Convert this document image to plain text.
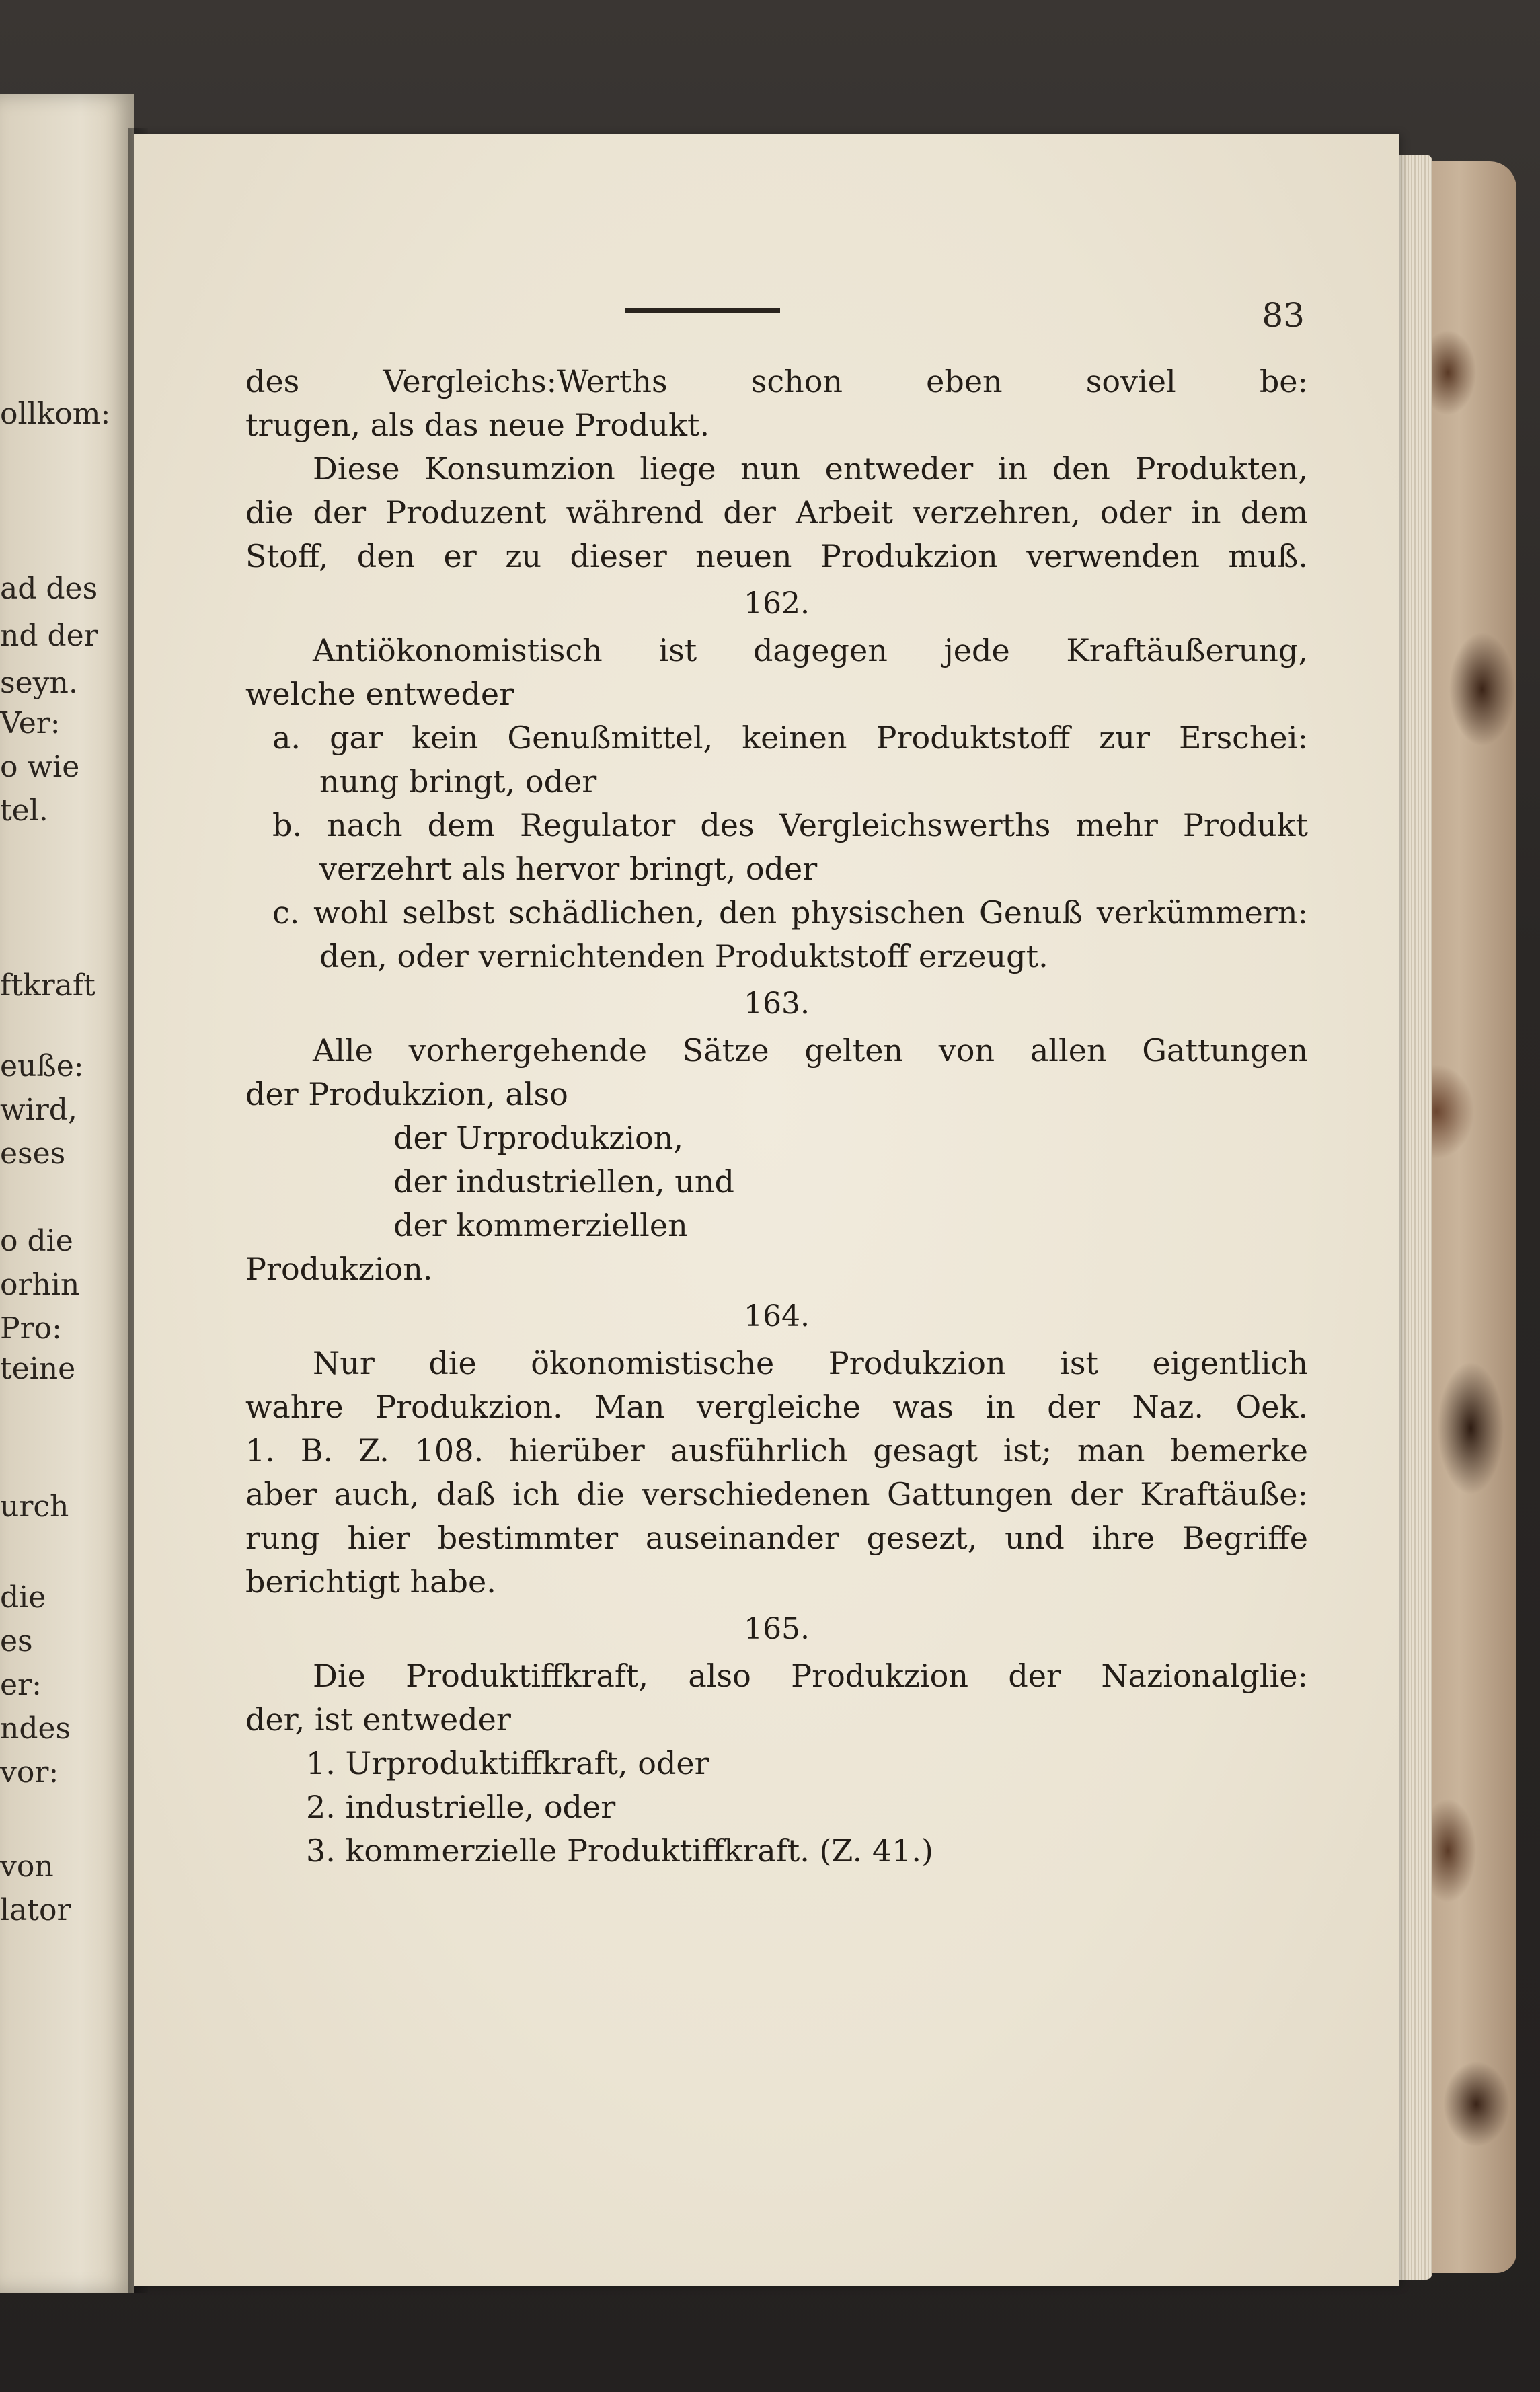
ollkom:
ad des
nd der
seyn.
Ver:
o wie
tel.
ftkraft
euße:
wird,
eses
o die
orhin
Pro:
teine
urch
die
es
er:
ndes
vor:
von
lator
83
des Vergleichs:Werths schon eben soviel be:
trugen, als das neue Produkt.
Diese Konsumzion liege nun entweder in den Produkten,
die der Produzent während der Arbeit verzehren, oder in dem
Stoff, den er zu dieser neuen Produkzion verwenden muß.
162.
Antiökonomistisch ist dagegen jede Kraftäußerung,
welche entweder
a. gar kein Genußmittel, keinen Produktstoff zur Erschei:
nung bringt, oder
b. nach dem Regulator des Vergleichswerths mehr Produkt
verzehrt als hervor bringt, oder
c. wohl selbst schädlichen, den physischen Genuß verkümmern:
den, oder vernichtenden Produktstoff erzeugt.
163.
Alle vorhergehende Sätze gelten von allen Gattungen
der Produkzion, also
der Urprodukzion,
der industriellen, und
der kommerziellen
Produkzion.
164.
Nur die ökonomistische Produkzion ist eigentlich
wahre Produkzion. Man vergleiche was in der Naz. Oek.
1. B. Z. 108. hierüber ausführlich gesagt ist; man bemerke
aber auch, daß ich die verschiedenen Gattungen der Kraftäuße:
rung hier bestimmter auseinander gesezt, und ihre Begriffe
berichtigt habe.
165.
Die Produktiffkraft, also Produkzion der Nazionalglie:
der, ist entweder
1. Urproduktiffkraft, oder
2. industrielle, oder
3. kommerzielle Produktiffkraft. (Z. 41.)
